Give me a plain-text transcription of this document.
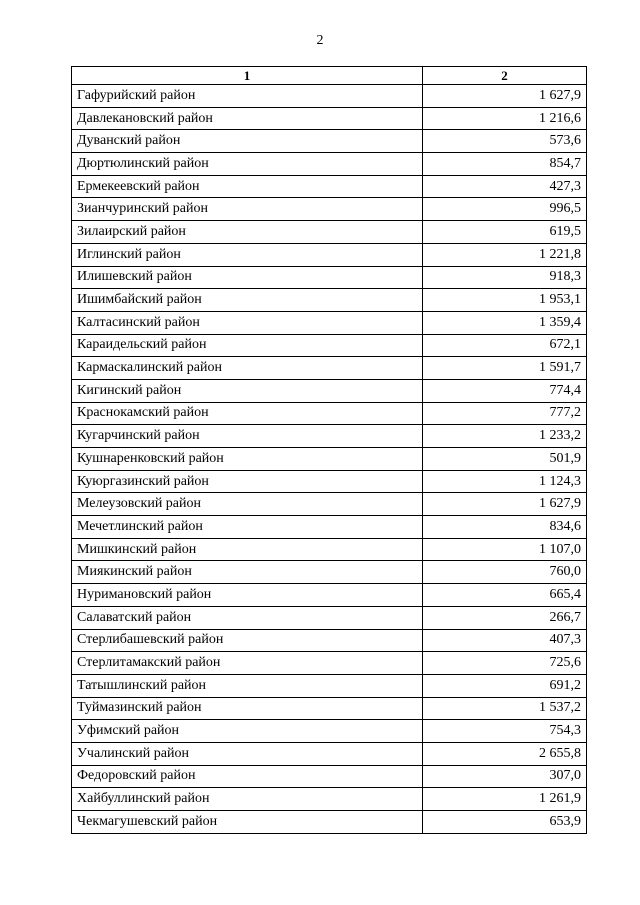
2
1	2
Гафурийский район	1 627,9
Давлекановский район	1 216,6
Дуванский район	573,6
Дюртюлинский район	854,7
Ермекеевский район	427,3
Зианчуринский район	996,5
Зилаирский район	619,5
Иглинский район	1 221,8
Илишевский район	918,3
Ишимбайский район	1 953,1
Калтасинский район	1 359,4
Караидельский район	672,1
Кармаскалинский район	1 591,7
Кигинский район	774,4
Краснокамский район	777,2
Кугарчинский район	1 233,2
Кушнаренковский район	501,9
Куюргазинский район	1 124,3
Мелеузовский район	1 627,9
Мечетлинский район	834,6
Мишкинский район	1 107,0
Миякинский район	760,0
Нуримановский район	665,4
Салаватский район	266,7
Стерлибашевский район	407,3
Стерлитамакский район	725,6
Татышлинский район	691,2
Туймазинский район	1 537,2
Уфимский район	754,3
Учалинский район	2 655,8
Федоровский район	307,0
Хайбуллинский район	1 261,9
Чекмагушевский район	653,9
